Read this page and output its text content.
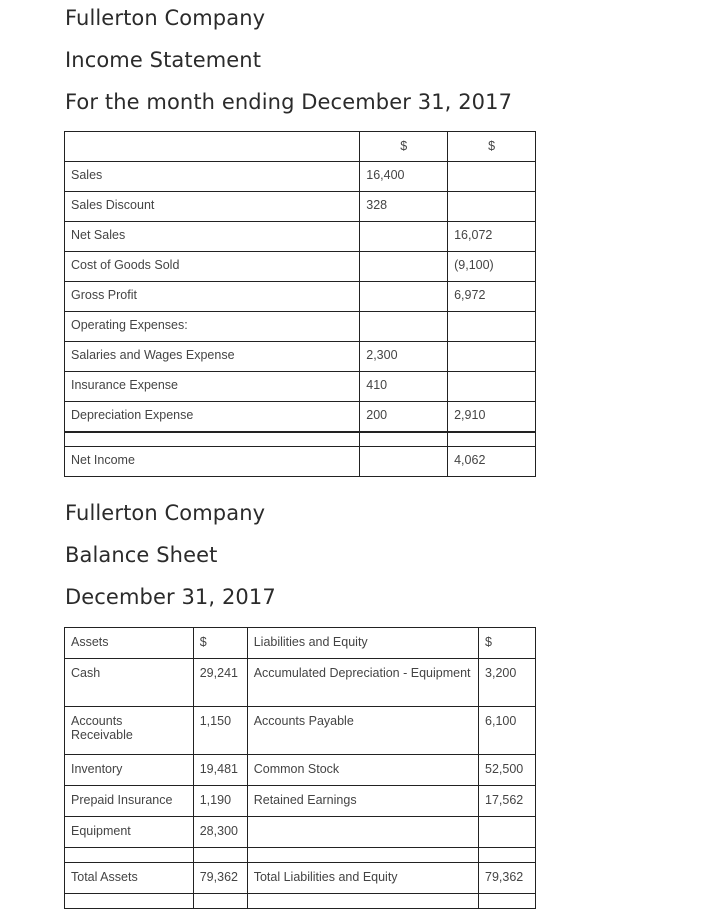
Fullerton Company
Income Statement
For the month ending December 31, 2017
	$	$
Sales	16,400	
Sales Discount	328	
Net Sales		16,072
Cost of Goods Sold		(9,100)
Gross Profit		6,972
Operating Expenses:		
Salaries and Wages Expense	2,300	
Insurance Expense	410	
Depreciation Expense	200	2,910

Net Income		4,062
Fullerton Company
Balance Sheet
December 31, 2017
Assets	$	Liabilities and Equity	$
Cash	29,241	Accumulated Depreciation - Equipment	3,200
Accounts Receivable	1,150	Accounts Payable	6,100
Inventory	19,481	Common Stock	52,500
Prepaid Insurance	1,190	Retained Earnings	17,562
Equipment	28,300		

Total Assets	79,362	Total Liabilities and Equity	79,362
